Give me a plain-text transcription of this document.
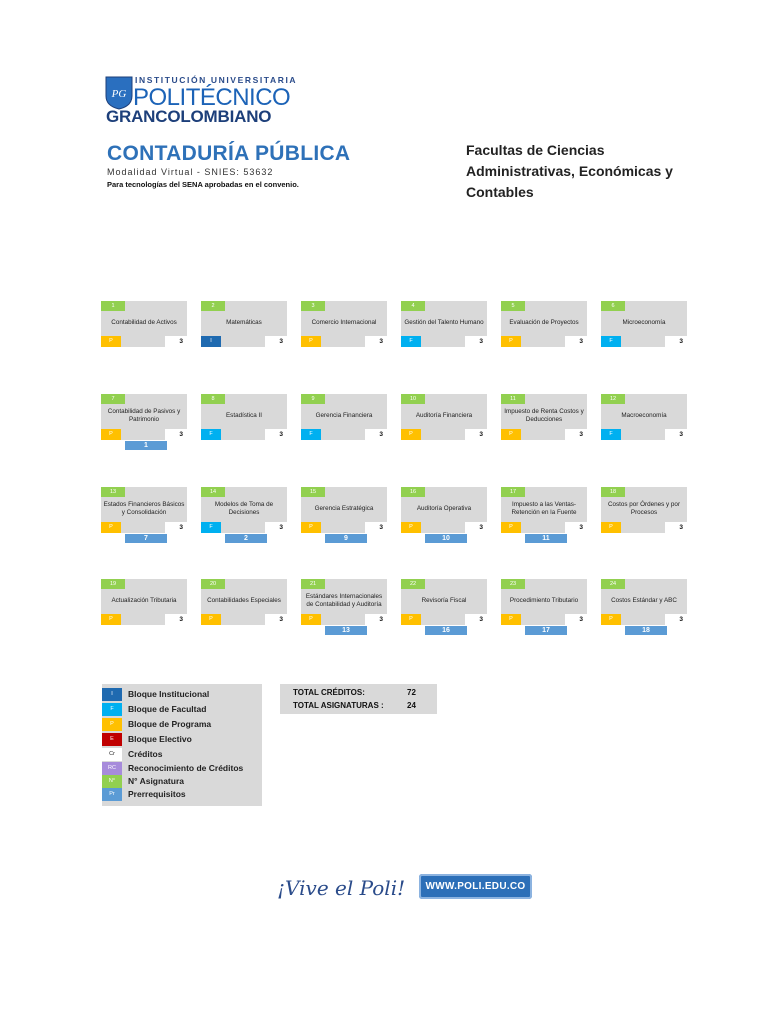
PG
INSTITUCIÓN UNIVERSITARIA
POLITÉCNICO
GRANCOLOMBIANO
CONTADURÍA PÚBLICA
Modalidad Virtual - SNIES: 53632
Para tecnologías del SENA aprobadas en el convenio.
Facultas de Ciencias
Administrativas, Económicas y
Contables
1
Contabilidad de Activos
P	3
2
Matemáticas
I	3
3
Comercio Internacional
P	3
4
Gestión del Talento Humano
F	3
5
Evaluación de Proyectos
P	3
6
Microeconomía
F	3
7
Contabilidad de Pasivos y Patrimonio
P	3
1
8
Estadística II
F	3
9
Gerencia Financiera
F	3
10
Auditoría Financiera
P	3
11
Impuesto de Renta Costos y Deducciones
P	3
12
Macroeconomía
F	3
13
Estados Financieros Básicos y Consolidación
P	3
7
14
Modelos de Toma de Decisiones
F	3
2
15
Gerencia Estratégica
P	3
9
16
Auditoría Operativa
P	3
10
17
Impuesto a las Ventas- Retención en la Fuente
P	3
11
18
Costos por Órdenes y por Procesos
P	3
19
Actualización Tributaria
P	3
20
Contabilidades Especiales
P	3
21
Estándares Internacionales de Contabilidad y Auditoría
P	3
13
22
Revisoría Fiscal
P	3
16
23
Procedimiento Tributario
P	3
17
24
Costos Estándar y ABC
P	3
18
I	Bloque Institucional
F	Bloque de Facultad
P	Bloque de Programa
E	Bloque Electivo
Cr	Créditos
RC	Reconocimiento de Créditos
N°	N° Asignatura
Pr	Prerrequisitos
TOTAL CRÉDITOS:	72
TOTAL ASIGNATURAS :	24
¡Vive el Poli!	WWW.POLI.EDU.CO
